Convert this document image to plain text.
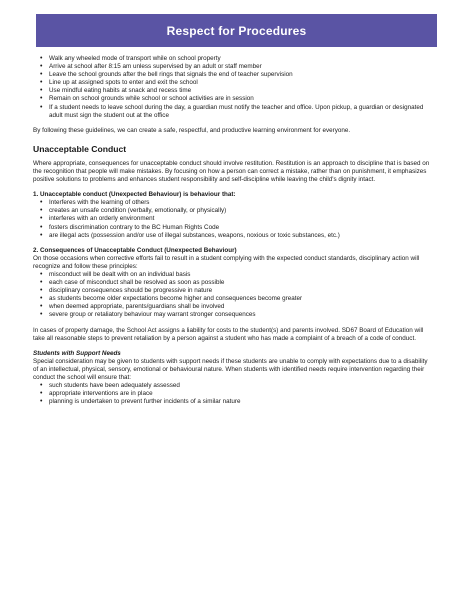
Respect for Procedures
• Walk any wheeled mode of transport while on school property
• Arrive at school after 8:15 am unless supervised by an adult or staff member
• Leave the school grounds after the bell rings that signals the end of teacher supervision
• Line up at assigned spots to enter and exit the school
• Use mindful eating habits at snack and recess time
• Remain on school grounds while school or school activities are in session
• If a student needs to leave school during the day, a guardian must notify the teacher and office. Upon pickup, a guardian or designated adult must sign the student out at the office

By following these guidelines, we can create a safe, respectful, and productive learning environment for everyone.

Unacceptable Conduct

Where appropriate, consequences for unacceptable conduct should involve restitution. Restitution is an approach to discipline that is based on the recognition that people will make mistakes. By focusing on how a person can correct a mistake, rather than on punishment, it emphasizes positive solutions to problems and enhances student responsibility and self-discipline while leaving the child's dignity intact.

1. Unacceptable conduct (Unexpected Behaviour) is behaviour that:

• Interferes with the learning of others
• creates an unsafe condition (verbally, emotionally, or physically)
• interferes with an orderly environment
• fosters discrimination contrary to the BC Human Rights Code
• are illegal acts (possession and/or use of illegal substances, weapons, noxious or toxic substances, etc.)

2. Consequences of Unacceptable Conduct (Unexpected Behaviour)

On those occasions when corrective efforts fail to result in a student complying with the expected conduct standards, disciplinary action will recognize and follow these principles:

• misconduct will be dealt with on an individual basis
• each case of misconduct shall be resolved as soon as possible
• disciplinary consequences should be progressive in nature
• as students become older expectations become higher and consequences become greater
• when deemed appropriate, parents/guardians shall be involved
• severe group or retaliatory behaviour may warrant stronger consequences

In cases of property damage, the School Act assigns a liability for costs to the student(s) and parents involved. SD67 Board of Education will take all reasonable steps to prevent retaliation by a person against a student who has made a complaint of a breach of a code of conduct.

Students with Support Needs

Special consideration may be given to students with support needs if these students are unable to comply with expectations due to a disability of an intellectual, physical, sensory, emotional or behavioural nature. When students with identified needs require intervention regarding their conduct the school will ensure that:

• such students have been adequately assessed
• appropriate interventions are in place
• planning is undertaken to prevent further incidents of a similar nature
